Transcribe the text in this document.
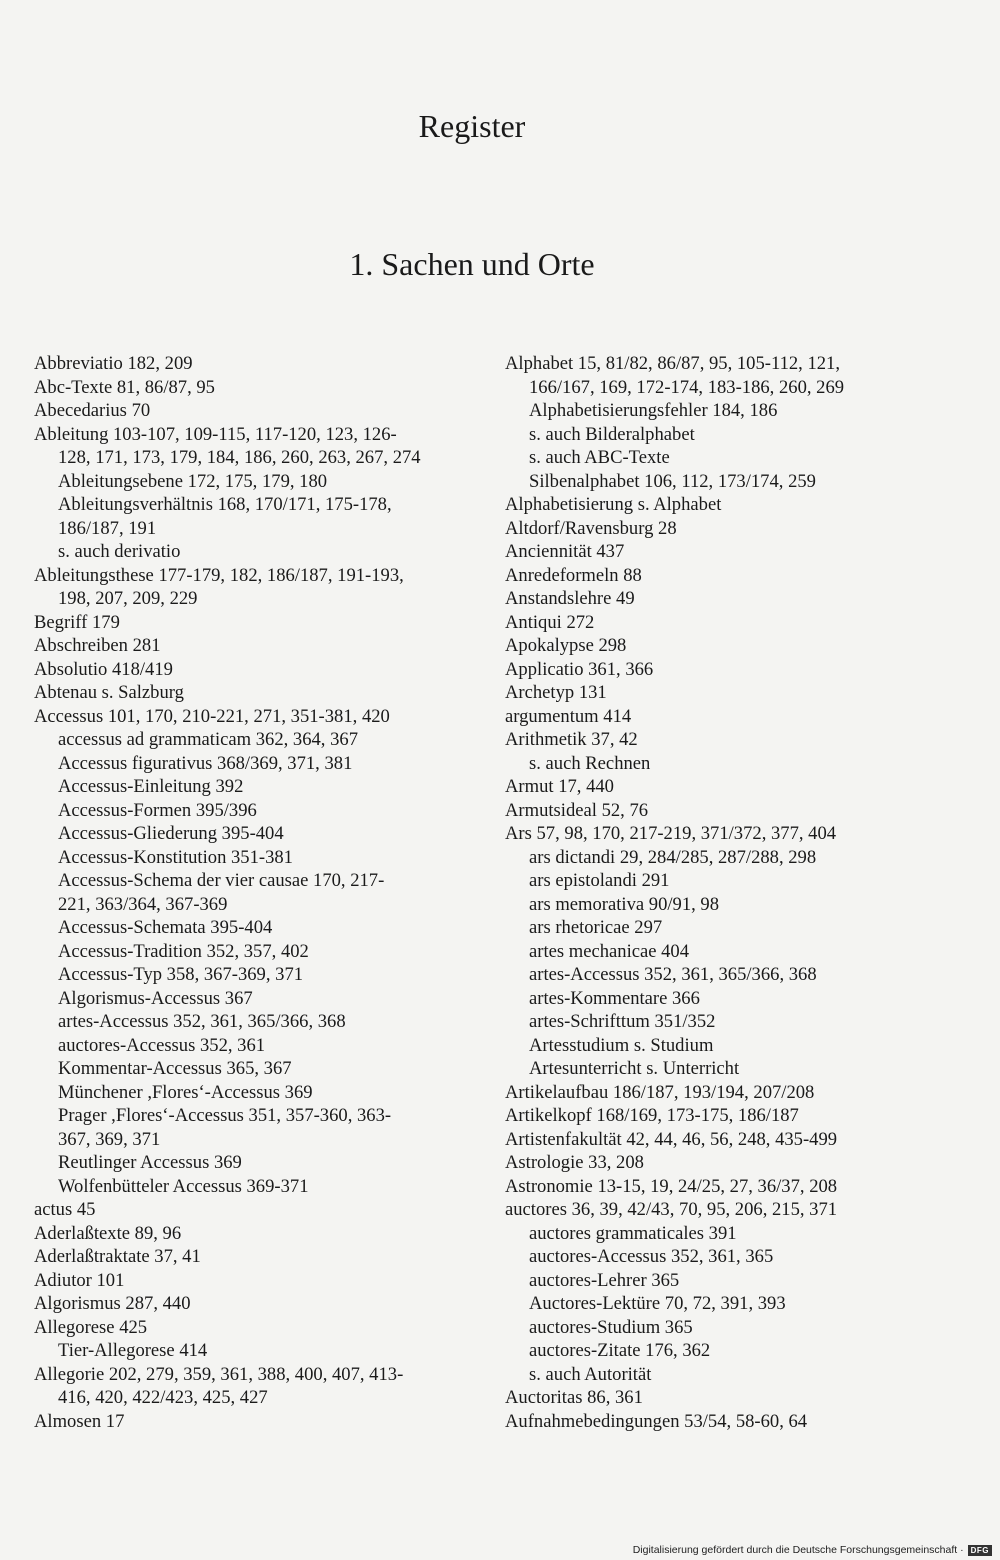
Register
1. Sachen und Orte
Abbreviatio 182, 209
Abc-Texte 81, 86/87, 95
Abecedarius 70
Ableitung 103-107, 109-115, 117-120, 123, 126-
128, 171, 173, 179, 184, 186, 260, 263, 267, 274
Ableitungsebene 172, 175, 179, 180
Ableitungsverhältnis 168, 170/171, 175-178,
186/187, 191
s. auch derivatio
Ableitungsthese 177-179, 182, 186/187, 191-193,
198, 207, 209, 229
Begriff 179
Abschreiben 281
Absolutio 418/419
Abtenau s. Salzburg
Accessus 101, 170, 210-221, 271, 351-381, 420
accessus ad grammaticam 362, 364, 367
Accessus figurativus 368/369, 371, 381
Accessus-Einleitung 392
Accessus-Formen 395/396
Accessus-Gliederung 395-404
Accessus-Konstitution 351-381
Accessus-Schema der vier causae 170, 217-
221, 363/364, 367-369
Accessus-Schemata 395-404
Accessus-Tradition 352, 357, 402
Accessus-Typ 358, 367-369, 371
Algorismus-Accessus 367
artes-Accessus 352, 361, 365/366, 368
auctores-Accessus 352, 361
Kommentar-Accessus 365, 367
Münchener ,Flores‘-Accessus 369
Prager ,Flores‘-Accessus 351, 357-360, 363-
367, 369, 371
Reutlinger Accessus 369
Wolfenbütteler Accessus 369-371
actus 45
Aderlaßtexte 89, 96
Aderlaßtraktate 37, 41
Adiutor 101
Algorismus 287, 440
Allegorese 425
Tier-Allegorese 414
Allegorie 202, 279, 359, 361, 388, 400, 407, 413-
416, 420, 422/423, 425, 427
Almosen 17
Alphabet 15, 81/82, 86/87, 95, 105-112, 121,
166/167, 169, 172-174, 183-186, 260, 269
Alphabetisierungsfehler 184, 186
s. auch Bilderalphabet
s. auch ABC-Texte
Silbenalphabet 106, 112, 173/174, 259
Alphabetisierung s. Alphabet
Altdorf/Ravensburg 28
Anciennität 437
Anredeformeln 88
Anstandslehre 49
Antiqui 272
Apokalypse 298
Applicatio 361, 366
Archetyp 131
argumentum 414
Arithmetik 37, 42
s. auch Rechnen
Armut 17, 440
Armutsideal 52, 76
Ars 57, 98, 170, 217-219, 371/372, 377, 404
ars dictandi 29, 284/285, 287/288, 298
ars epistolandi 291
ars memorativa 90/91, 98
ars rhetoricae 297
artes mechanicae 404
artes-Accessus 352, 361, 365/366, 368
artes-Kommentare 366
artes-Schrifttum 351/352
Artesstudium s. Studium
Artesunterricht s. Unterricht
Artikelaufbau 186/187, 193/194, 207/208
Artikelkopf 168/169, 173-175, 186/187
Artistenfakultät 42, 44, 46, 56, 248, 435-499
Astrologie 33, 208
Astronomie 13-15, 19, 24/25, 27, 36/37, 208
auctores 36, 39, 42/43, 70, 95, 206, 215, 371
auctores grammaticales 391
auctores-Accessus 352, 361, 365
auctores-Lehrer 365
Auctores-Lektüre 70, 72, 391, 393
auctores-Studium 365
auctores-Zitate 176, 362
s. auch Autorität
Auctoritas 86, 361
Aufnahmebedingungen 53/54, 58-60, 64
Digitalisierung gefördert durch die Deutsche Forschungsgemeinschaft · DFG
